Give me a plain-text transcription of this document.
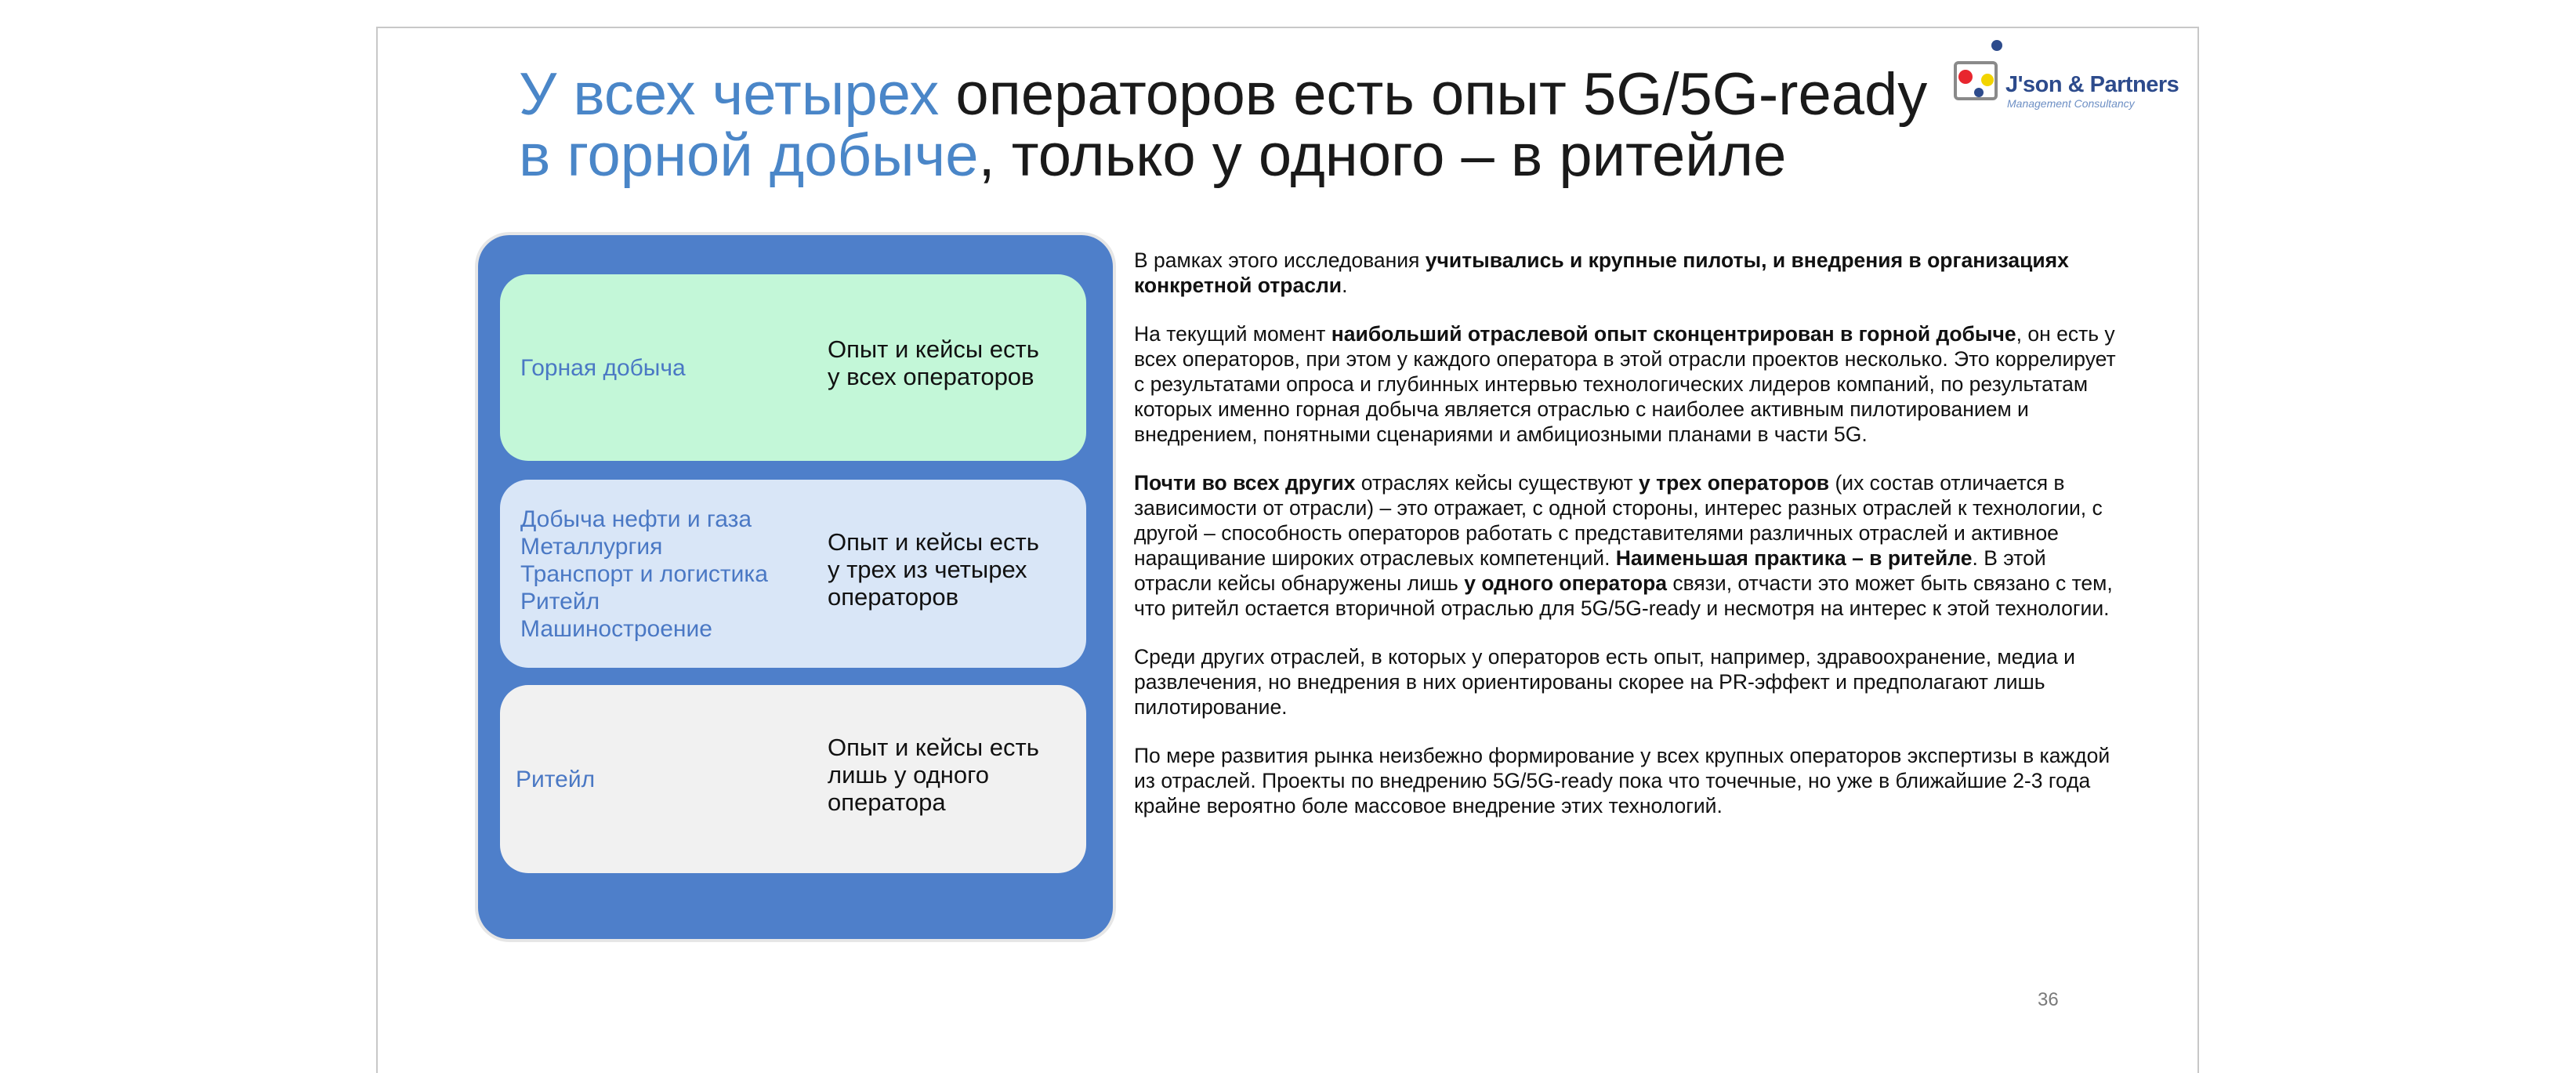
У всех четырех операторов есть опыт 5G/5G-ready
в горной добыче, только у одного – в ритейле
J'son & Partners
Management Consultancy
Горная добыча
Опыт и кейсы есть
у всех операторов
Добыча нефти и газа
Металлургия
Транспорт и логистика
Ритейл
Машиностроение
Опыт и кейсы есть
у трех из четырех
операторов
Ритейл
Опыт и кейсы есть
лишь у одного
оператора

В рамках этого исследования учитывались и крупные пилоты, и внедрения в организациях конкретной отрасли.

На текущий момент наибольший отраслевой опыт сконцентрирован в горной добыче, он есть у всех операторов, при этом у каждого оператора в этой отрасли проектов несколько. Это коррелирует с результатами опроса и глубинных интервью технологических лидеров компаний, по результатам которых именно горная добыча является отраслью с наиболее активным пилотированием и внедрением, понятными сценариями и амбициозными планами в части 5G.

Почти во всех других отраслях кейсы существуют у трех операторов (их состав отличается в зависимости от отрасли) – это отражает, с одной стороны, интерес разных отраслей к технологии, с другой – способность операторов работать с представителями различных отраслей и активное наращивание широких отраслевых компетенций. Наименьшая практика – в ритейле. В этой отрасли кейсы обнаружены лишь у одного оператора связи, отчасти это может быть связано с тем, что ритейл остается вторичной отраслью для 5G/5G-ready и несмотря на интерес к этой технологии.

Среди других отраслей, в которых у операторов есть опыт, например, здравоохранение, медиа и развлечения, но внедрения в них ориентированы скорее на PR-эффект и предполагают лишь пилотирование.

По мере развития рынка неизбежно формирование у всех крупных операторов экспертизы в каждой из отраслей. Проекты по внедрению 5G/5G-ready пока что точечные, но уже в ближайшие 2-3 года крайне вероятно боле массовое внедрение этих технологий.

36
